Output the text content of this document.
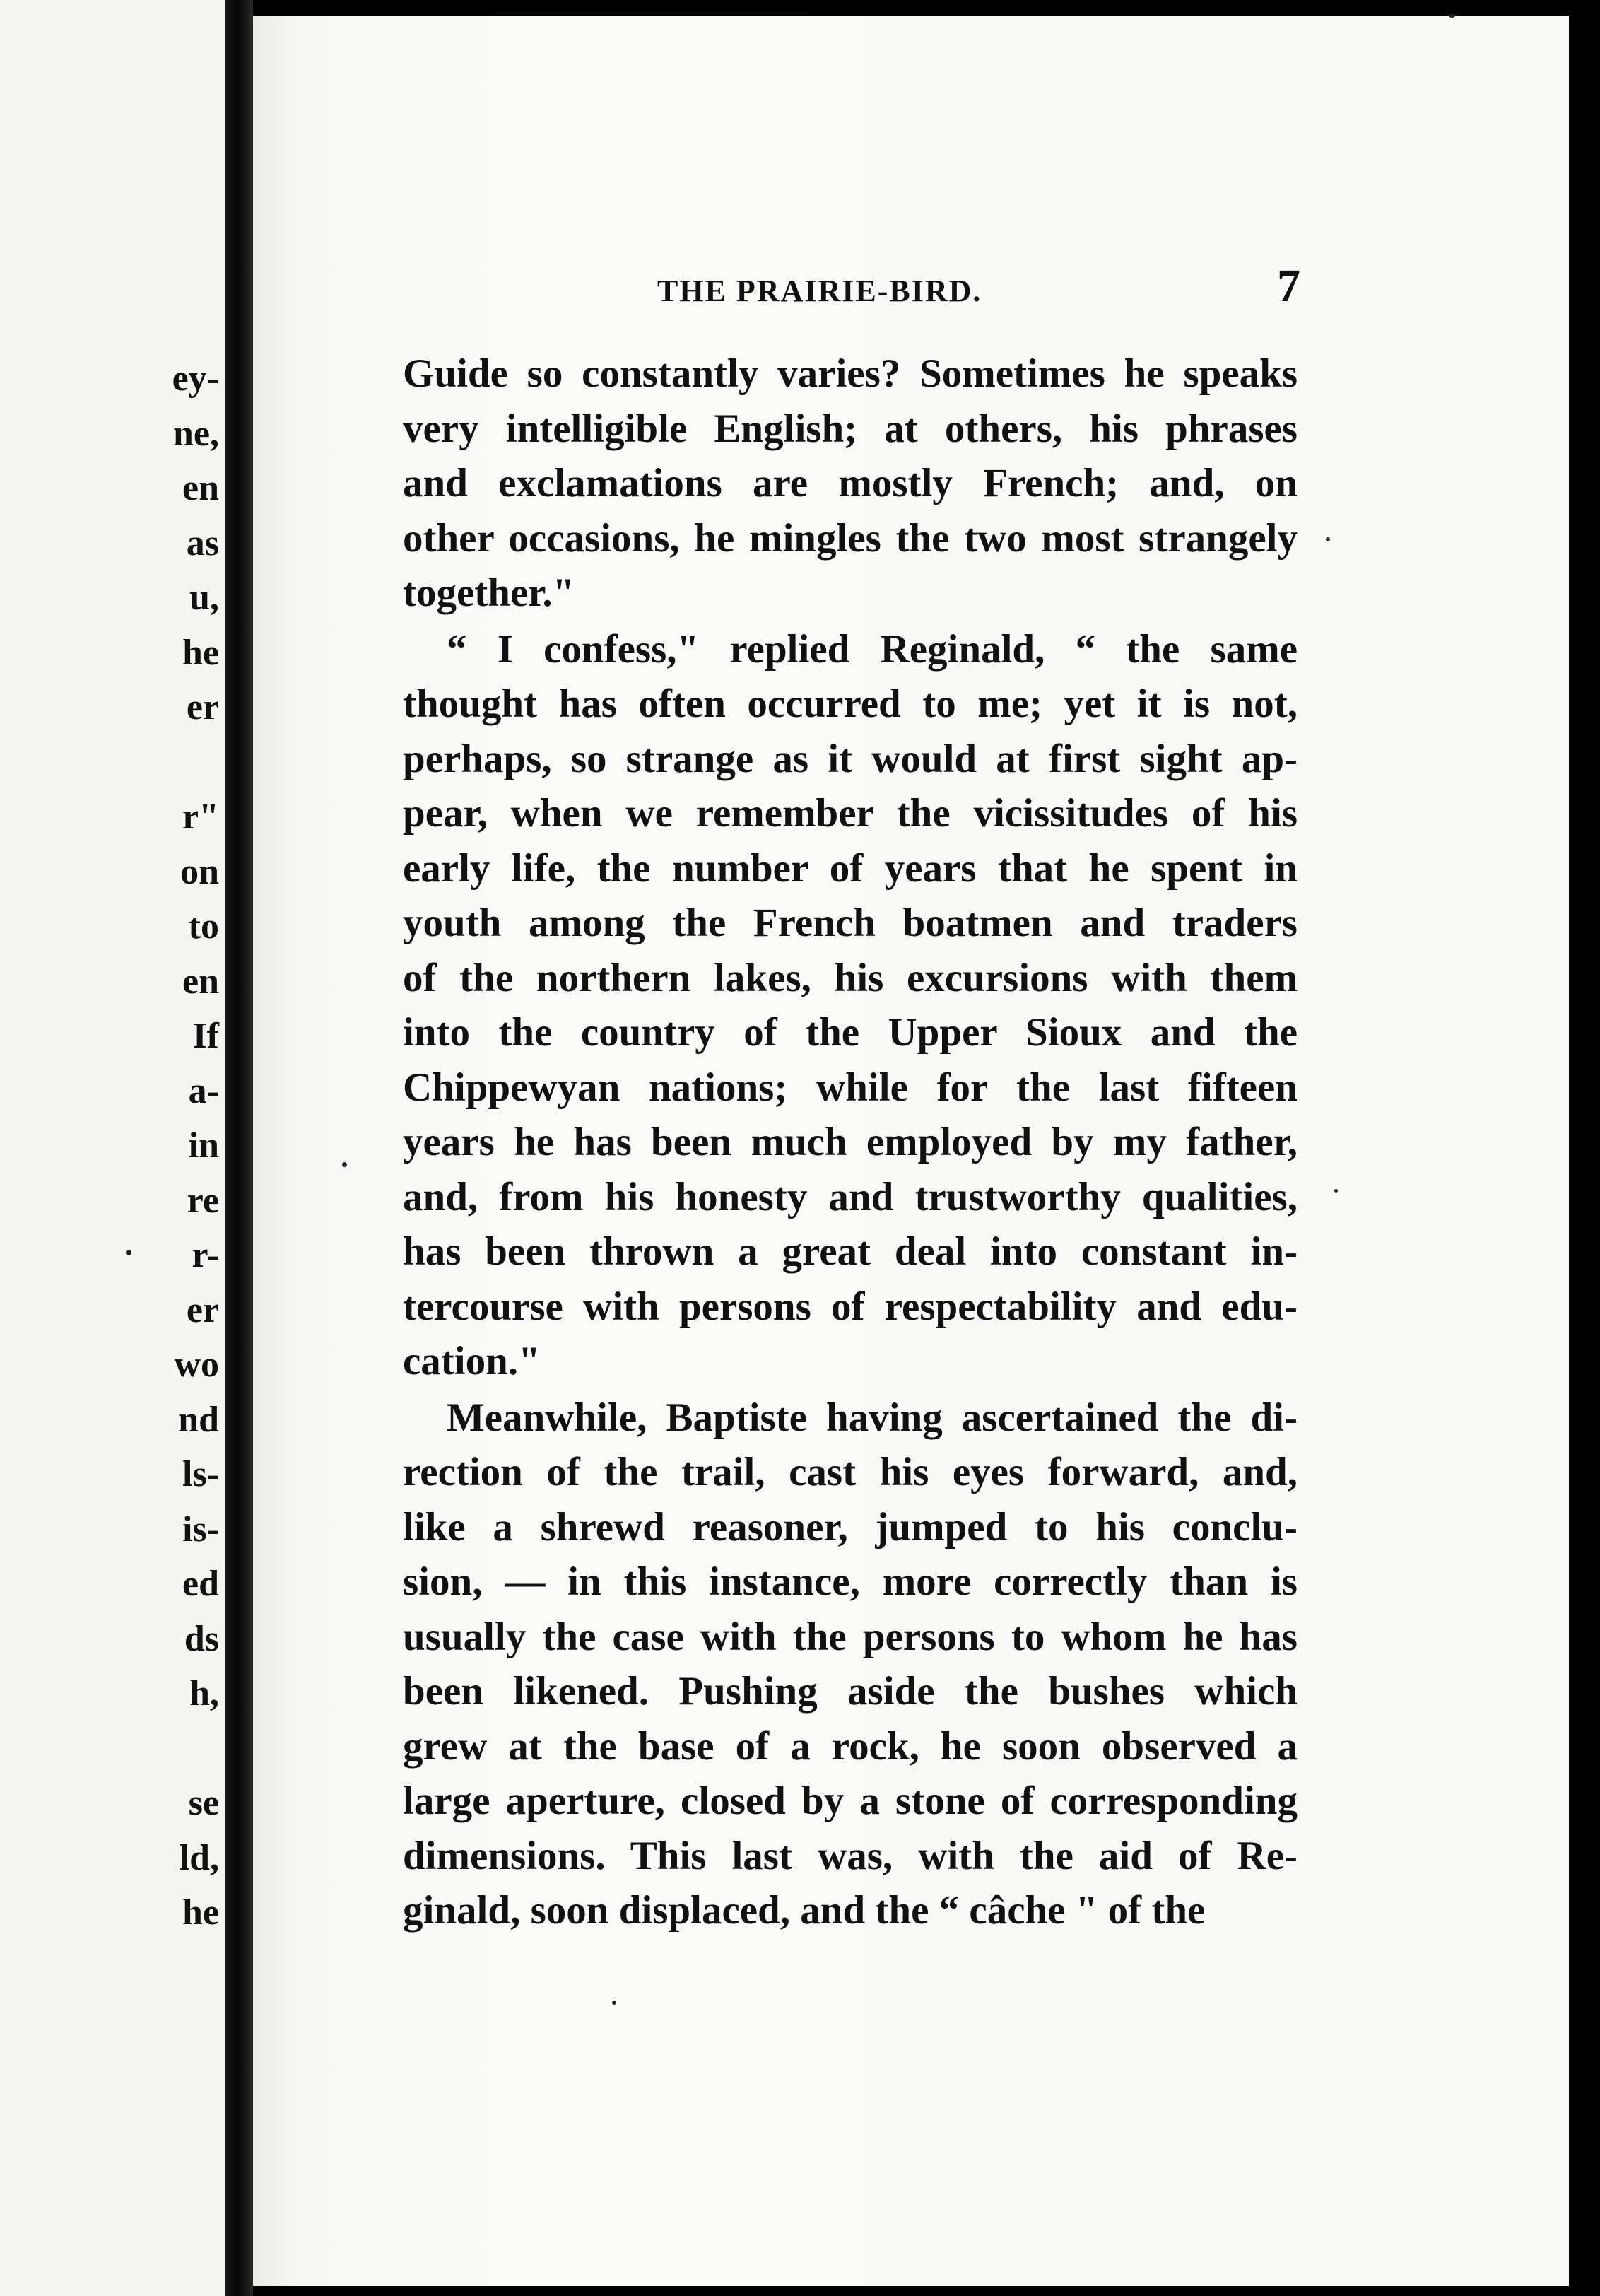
ey-
ne,
en
as
u,
he
er
r"
on
to
en
If
a-
in
re
r-
er
wo
nd
ls-
is-
ed
ds
h,
se
ld,
he
THE PRAIRIE-BIRD.	7
Guide so constantly varies? Sometimes he speaks
very intelligible English; at others, his phrases
and exclamations are mostly French; and, on
other occasions, he mingles the two most strangely
together."
“ I confess," replied Reginald, “ the same
thought has often occurred to me; yet it is not,
perhaps, so strange as it would at first sight ap-
pear, when we remember the vicissitudes of his
early life, the number of years that he spent in
youth among the French boatmen and traders
of the northern lakes, his excursions with them
into the country of the Upper Sioux and the
Chippewyan nations; while for the last fifteen
years he has been much employed by my father,
and, from his honesty and trustworthy qualities,
has been thrown a great deal into constant in-
tercourse with persons of respectability and edu-
cation."
Meanwhile, Baptiste having ascertained the di-
rection of the trail, cast his eyes forward, and,
like a shrewd reasoner, jumped to his conclu-
sion, — in this instance, more correctly than is
usually the case with the persons to whom he has
been likened. Pushing aside the bushes which
grew at the base of a rock, he soon observed a
large aperture, closed by a stone of corresponding
dimensions. This last was, with the aid of Re-
ginald, soon displaced, and the “ câche " of the
